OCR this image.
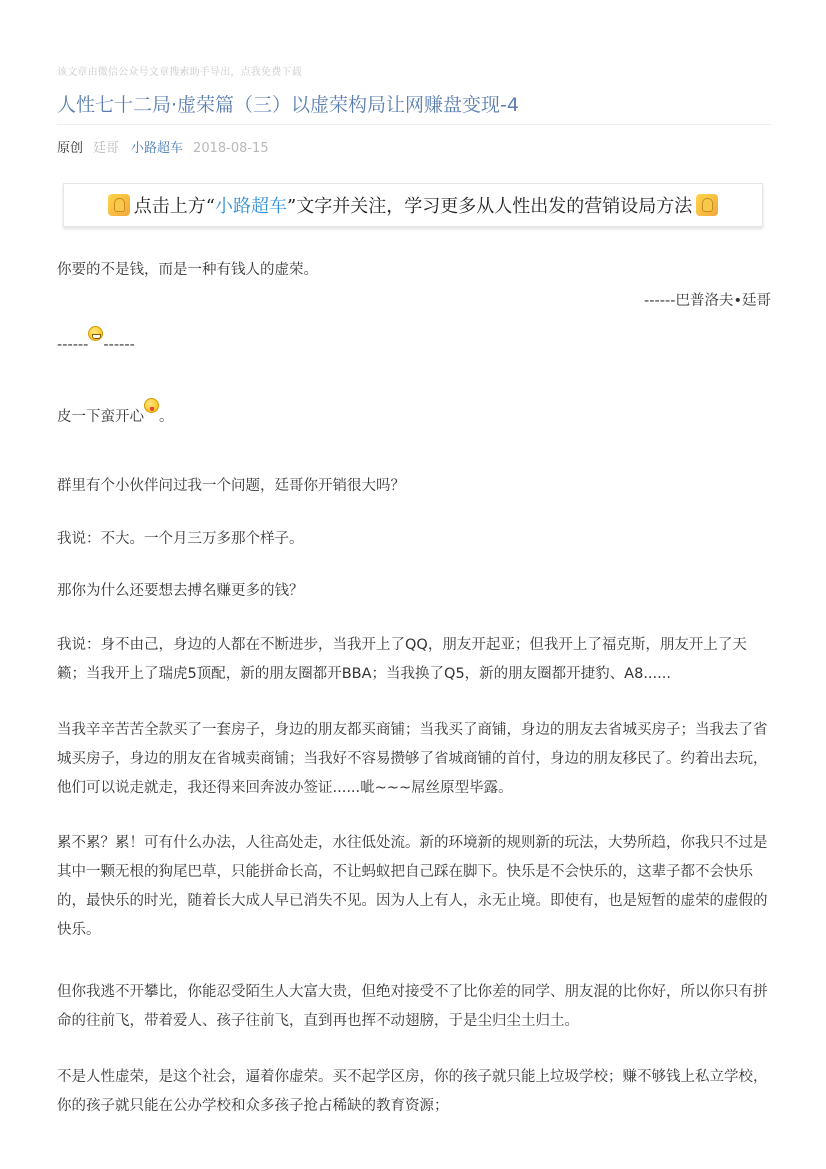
该文章由微信公众号文章搜索助手导出，点我免费下载
人性七十二局·虚荣篇（三）以虚荣构局让网赚盘变现-4
原创 廷哥 小路超车 2018-08-15
点击上方“ 小路超车 ”文字并关注，学习更多从人性出发的营销设局方法

你要的不是钱，而是一种有钱人的虚荣。

------巴普洛夫•廷哥

------ ------

皮一下蛮开心 。

群里有个小伙伴问过我一个问题，廷哥你开销很大吗？

我说：不大。一个月三万多那个样子。

那你为什么还要想去搏名赚更多的钱？

我说：身不由己，身边的人都在不断进步，当我开上了QQ，朋友开起亚；但我开上了福克斯，朋友开上了天籁；当我开上了瑞虎5顶配，新的朋友圈都开BBA；当我换了Q5，新的朋友圈都开捷豹、A8......

当我辛辛苦苦全款买了一套房子，身边的朋友都买商铺；当我买了商铺，身边的朋友去省城买房子；当我去了省城买房子，身边的朋友在省城卖商铺；当我好不容易攒够了省城商铺的首付，身边的朋友移民了。约着出去玩，他们可以说走就走，我还得来回奔波办签证......呲~~~屌丝原型毕露。

累不累？累！可有什么办法，人往高处走，水往低处流。新的环境新的规则新的玩法，大势所趋，你我只不过是其中一颗无根的狗尾巴草，只能拼命长高，不让蚂蚁把自己踩在脚下。快乐是不会快乐的，这辈子都不会快乐的，最快乐的时光，随着长大成人早已消失不见。因为人上有人，永无止境。即使有，也是短暂的虚荣的虚假的快乐。

但你我逃不开攀比，你能忍受陌生人大富大贵，但绝对接受不了比你差的同学、朋友混的比你好，所以你只有拼命的往前飞，带着爱人、孩子往前飞，直到再也挥不动翅膀，于是尘归尘土归土。

不是人性虚荣，是这个社会，逼着你虚荣。买不起学区房，你的孩子就只能上垃圾学校；赚不够钱上私立学校，你的孩子就只能在公办学校和众多孩子抢占稀缺的教育资源；
